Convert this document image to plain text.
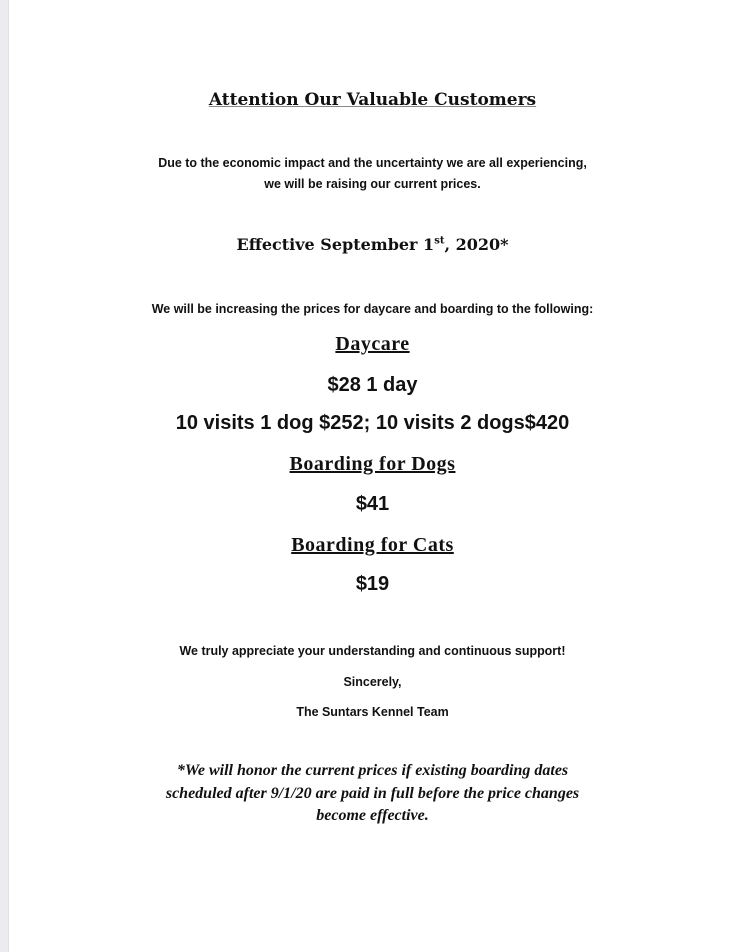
Attention Our Valuable Customers
Due to the economic impact and the uncertainty we are all experiencing,
we will be raising our current prices.
Effective September 1st, 2020*
We will be increasing the prices for daycare and boarding to the following:
Daycare
$28 1 day
10 visits 1 dog $252; 10 visits 2 dogs$420
Boarding for Dogs
$41
Boarding for Cats
$19
We truly appreciate your understanding and continuous support!
Sincerely,
The Suntars Kennel Team
*We will honor the current prices if existing boarding dates
scheduled after 9/1/20 are paid in full before the price changes
become effective.
